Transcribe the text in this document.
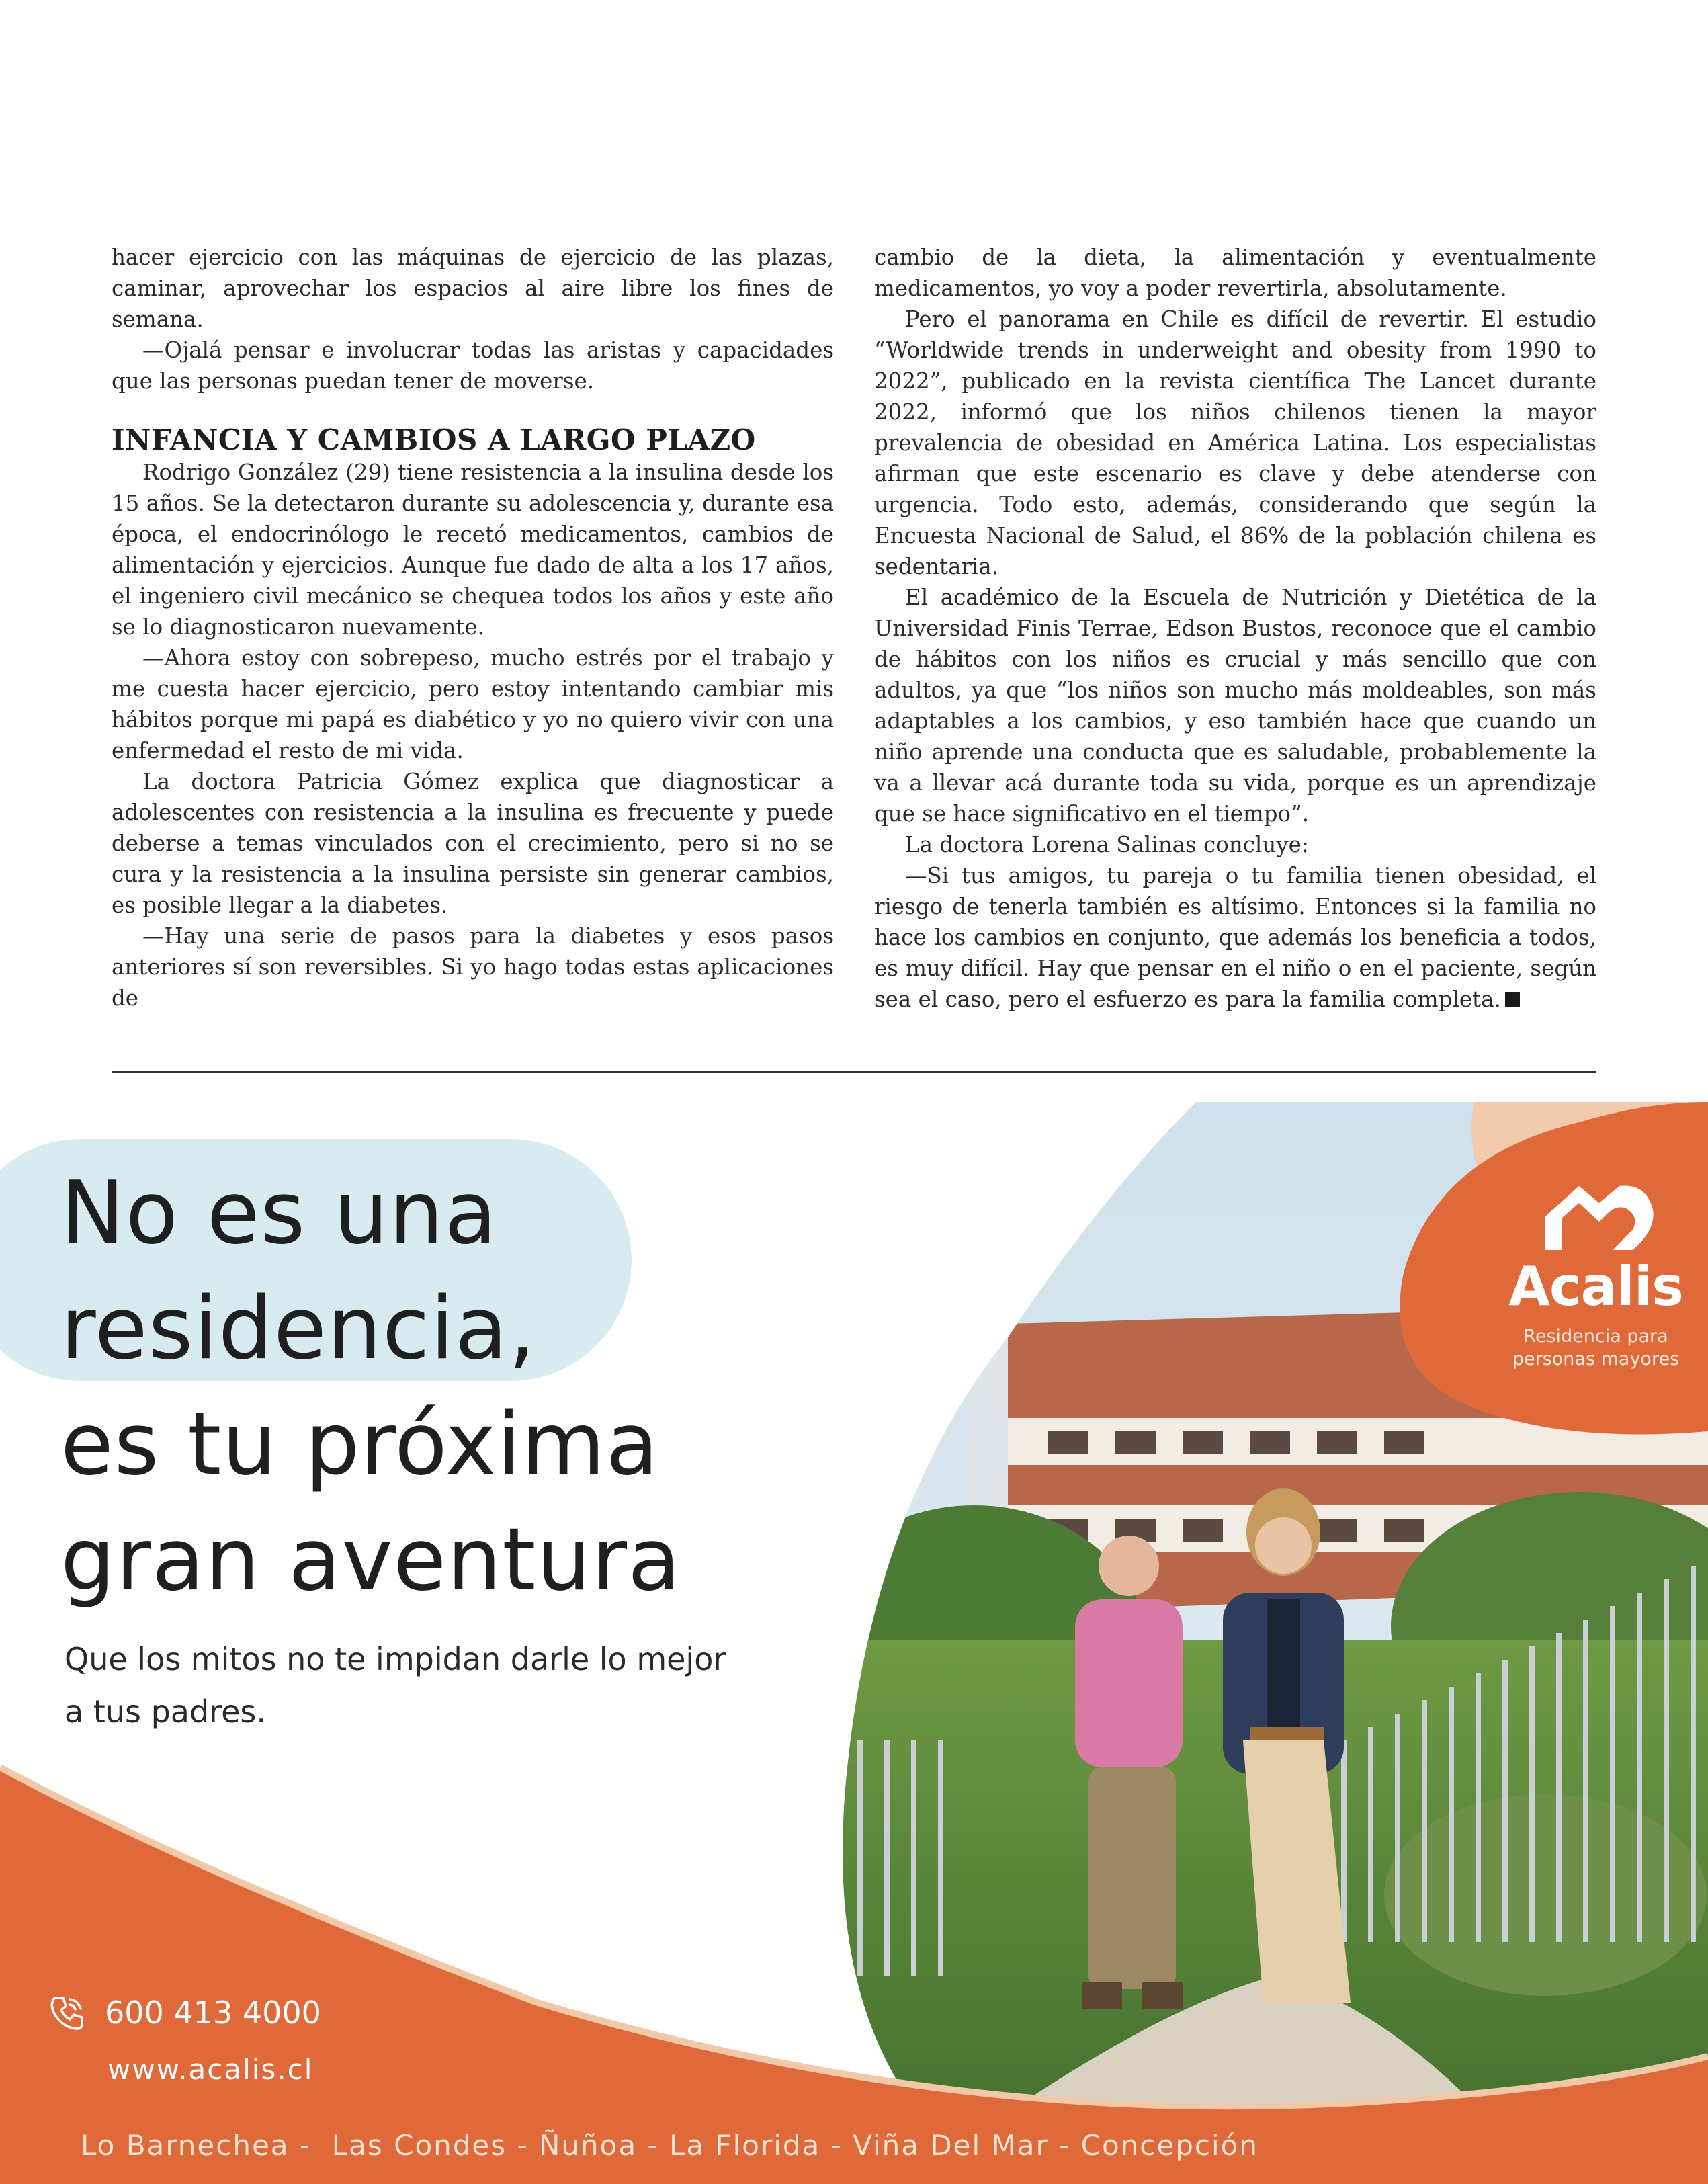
hacer ejercicio con las máquinas de ejercicio de las plazas, caminar, aprovechar los espacios al aire libre los fines de semana.

—Ojalá pensar e involucrar todas las aristas y capacidades que las personas puedan tener de moverse.

INFANCIA Y CAMBIOS A LARGO PLAZO

Rodrigo González (29) tiene resistencia a la insulina desde los 15 años. Se la detectaron durante su adolescencia y, durante esa época, el endocrinólogo le recetó medicamentos, cambios de alimentación y ejercicios. Aunque fue dado de alta a los 17 años, el ingeniero civil mecánico se chequea todos los años y este año se lo diagnosticaron nuevamente.

—Ahora estoy con sobrepeso, mucho estrés por el trabajo y me cuesta hacer ejercicio, pero estoy intentando cambiar mis hábitos porque mi papá es diabético y yo no quiero vivir con una enfermedad el resto de mi vida.

La doctora Patricia Gómez explica que diagnosticar a adolescentes con resistencia a la insulina es frecuente y puede deberse a temas vinculados con el crecimiento, pero si no se cura y la resistencia a la insulina persiste sin generar cambios, es posible llegar a la diabetes.

—Hay una serie de pasos para la diabetes y esos pasos anteriores sí son reversibles. Si yo hago todas estas aplicaciones de

cambio de la dieta, la alimentación y eventualmente medicamentos, yo voy a poder revertirla, absolutamente.

Pero el panorama en Chile es difícil de revertir. El estudio “Worldwide trends in underweight and obesity from 1990 to 2022”, publicado en la revista científica The Lancet durante 2022, informó que los niños chilenos tienen la mayor prevalencia de obesidad en América Latina. Los especialistas afirman que este escenario es clave y debe atenderse con urgencia. Todo esto, además, considerando que según la Encuesta Nacional de Salud, el 86% de la población chilena es sedentaria.

El académico de la Escuela de Nutrición y Dietética de la Universidad Finis Terrae, Edson Bustos, reconoce que el cambio de hábitos con los niños es crucial y más sencillo que con adultos, ya que “los niños son mucho más moldeables, son más adaptables a los cambios, y eso también hace que cuando un niño aprende una conducta que es saludable, probablemente la va a llevar acá durante toda su vida, porque es un aprendizaje que se hace significativo en el tiempo”.

La doctora Lorena Salinas concluye:

—Si tus amigos, tu pareja o tu familia tienen obesidad, el riesgo de tenerla también es altísimo. Entonces si la familia no hace los cambios en conjunto, que además los beneficia a todos, es muy difícil. Hay que pensar en el niño o en el paciente, según sea el caso, pero el esfuerzo es para la familia completa.

No es una
residencia,
es tu próxima
gran aventura
Que los mitos no te impidan darle lo mejor
a tus padres.
Acalis
Residencia para
personas mayores
600 413 4000
www.acalis.cl
Lo Barnechea -  Las Condes - Ñuñoa - La Florida - Viña Del Mar - Concepción
